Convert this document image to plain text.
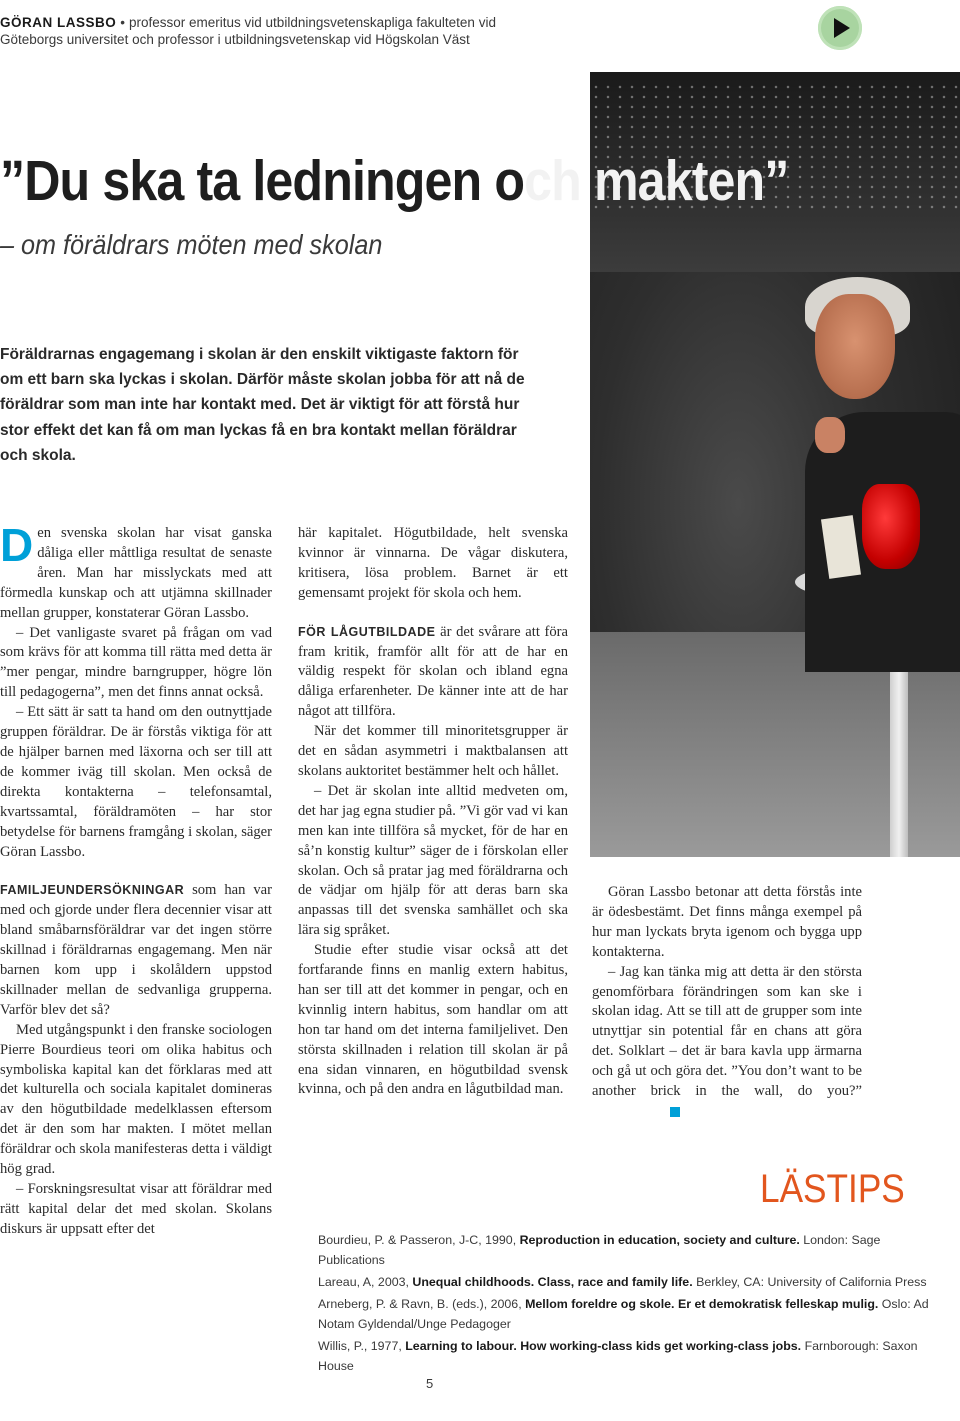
GÖRAN LASSBO • professor emeritus vid utbildningsvetenskapliga fakulteten vid
Göteborgs universitet och professor i utbildningsvetenskap vid Högskolan Väst
”Du ska ta ledningen och makten”
– om föräldrars möten med skolan

Föräldrarnas engagemang i skolan är den enskilt viktigaste faktorn för

om ett barn ska lyckas i skolan. Därför måste skolan jobba för att nå de

föräldrar som man inte har kontakt med. Det är viktigt för att förstå hur

stor effekt det kan få om man lyckas få en bra kontakt mellan föräldrar

och skola.

Den svenska skolan har visat ganska dåliga eller måttliga resultat de senaste åren. Man har misslyckats med att förmedla kunskap och att utjämna skillnader mellan grupper, konstaterar Göran Lassbo.

– Det vanligaste svaret på frågan om vad som krävs för att komma till rätta med detta är ”mer pengar, mindre barngrupper, högre lön till pedagogerna”, men det finns annat också.

– Ett sätt är satt ta hand om den outnyttjade gruppen föräldrar. De är förstås viktiga för att de hjälper barnen med läxorna och ser till att de kommer iväg till skolan. Men också de direkta kontakterna – telefonsamtal, kvartssamtal, föräldramöten – har stor betydelse för barnens framgång i skolan, säger Göran Lassbo.

FAMILJEUNDERSÖKNINGAR som han var med och gjorde under flera decennier visar att bland småbarnsföräldrar var det ingen större skillnad i föräldrarnas engagemang. Men när barnen kom upp i skolåldern uppstod skillnader mellan de sedvanliga grupperna. Varför blev det så?

Med utgångspunkt i den franske sociologen Pierre Bourdieus teori om olika habitus och symboliska kapital kan det förklaras med att det kulturella och sociala kapitalet domineras av den högutbildade medelklassen eftersom det är den som har makten. I mötet mellan föräldrar och skola manifesteras detta i väldigt hög grad.

– Forskningsresultat visar att föräldrar med rätt kapital delar det med skolan. Skolans diskurs är uppsatt efter det

här kapitalet. Högutbildade, helt svenska kvinnor är vinnarna. De vågar diskutera, kritisera, lösa problem. Barnet är ett gemensamt projekt för skola och hem.

FÖR LÅGUTBILDADE är det svårare att föra fram kritik, framför allt för att de har en väldig respekt för skolan och ibland egna dåliga erfarenheter. De känner inte att de har något att tillföra.

När det kommer till minoritetsgrupper är det en sådan asymmetri i maktbalansen att skolans auktoritet bestämmer helt och hållet.

– Det är skolan inte alltid medveten om, det har jag egna studier på. ”Vi gör vad vi kan men kan inte tillföra så mycket, för de har en så’n konstig kultur” säger de i förskolan eller skolan. Och så pratar jag med föräldrarna och de vädjar om hjälp för att deras barn ska anpassas till det svenska samhället och ska lära sig språket.

Studie efter studie visar också att det fortfarande finns en manlig extern habitus, han ser till att det kommer in pengar, och en kvinnlig intern habitus, som handlar om att hon tar hand om det interna familjelivet. Den största skillnaden i relation till skolan är på ena sidan vinnaren, en högutbildad svensk kvinna, och på den andra en lågutbildad man.

Göran Lassbo betonar att detta förstås inte är ödesbestämt. Det finns många exempel på hur man lyckats bryta igenom och bygga upp kontakterna.

– Jag kan tänka mig att detta är den största genomförbara förändringen som kan ske i skolan idag. Att se till att de grupper som inte utnyttjar sin potential får en chans att göra det. Solklart – det är bara kavla upp ärmarna och gå ut och göra det. ”You don’t want to be another brick in the wall, do you?”

LÄSTIPS
Bourdieu, P. & Passeron, J-C, 1990, Reproduction in education, society and culture. London: Sage Publications
Lareau, A, 2003, Unequal childhoods. Class, race and family life. Berkley, CA: University of California Press
Arneberg, P. & Ravn, B. (eds.), 2006, Mellom foreldre og skole. Er et demokratisk felleskap mulig. Oslo: Ad Notam Gyldendal/Unge Pedagoger
Willis, P., 1977, Learning to labour. How working-class kids get working-class jobs. Farnborough: Saxon House
5
